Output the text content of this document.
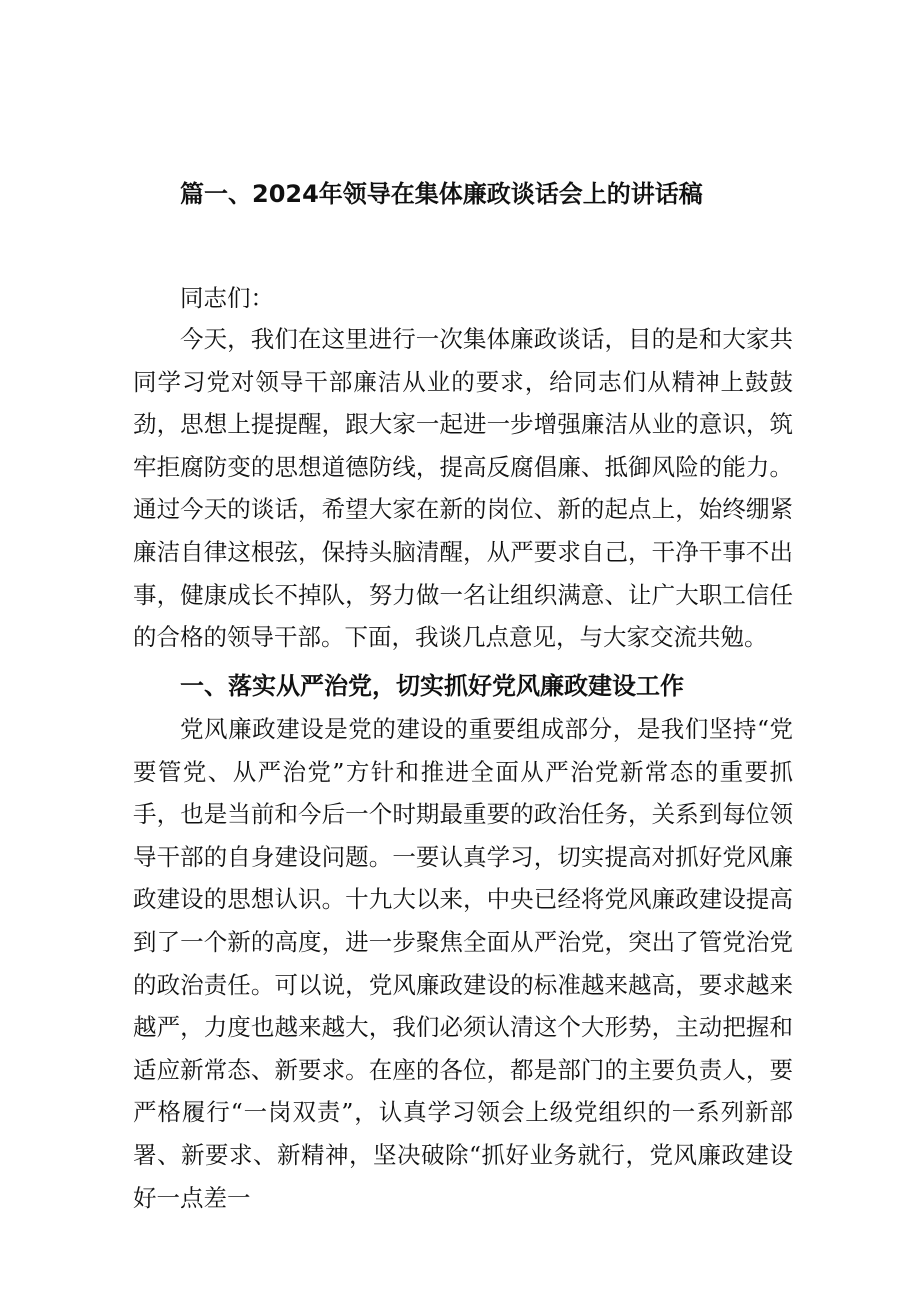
篇一、2024年领导在集体廉政谈话会上的讲话稿
同志们：
今天，我们在这里进行一次集体廉政谈话，目的是和大家共同学习党对领导干部廉洁从业的要求，给同志们从精神上鼓鼓劲，思想上提提醒，跟大家一起进一步增强廉洁从业的意识，筑牢拒腐防变的思想道德防线，提高反腐倡廉、抵御风险的能力。通过今天的谈话，希望大家在新的岗位、新的起点上，始终绷紧廉洁自律这根弦，保持头脑清醒，从严要求自己，干净干事不出事，健康成长不掉队，努力做一名让组织满意、让广大职工信任的合格的领导干部。下面，我谈几点意见，与大家交流共勉。
一、落实从严治党，切实抓好党风廉政建设工作
党风廉政建设是党的建设的重要组成部分，是我们坚持“党要管党、从严治党”方针和推进全面从严治党新常态的重要抓手，也是当前和今后一个时期最重要的政治任务，关系到每位领导干部的自身建设问题。一要认真学习，切实提高对抓好党风廉政建设的思想认识。十九大以来，中央已经将党风廉政建设提高到了一个新的高度，进一步聚焦全面从严治党，突出了管党治党的政治责任。可以说，党风廉政建设的标准越来越高，要求越来越严，力度也越来越大，我们必须认清这个大形势，主动把握和适应新常态、新要求。在座的各位，都是部门的主要负责人，要严格履行“一岗双责”，认真学习领会上级党组织的一系列新部署、新要求、新精神，坚决破除“抓好业务就行，党风廉政建设好一点差一
